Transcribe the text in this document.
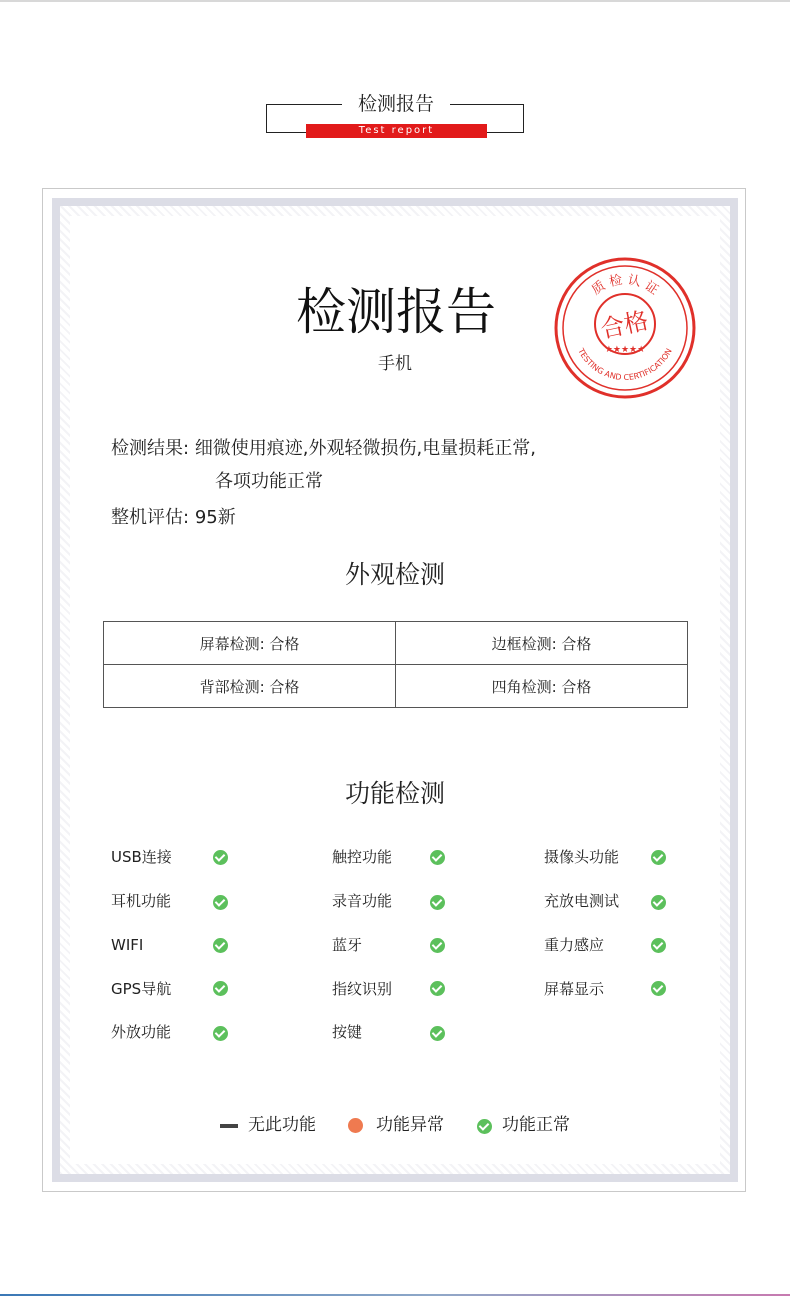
检测报告
Test report
检测报告
手机
质 检 认 证
TESTING AND CERTIFICATION
合格
★★★★★
检测结果: 细微使用痕迹,外观轻微损伤,电量损耗正常,
各项功能正常
整机评估: 95新
外观检测
屏幕检测: 合格	边框检测: 合格

背部检测: 合格	四角检测: 合格
功能检测
USB连接	触控功能	摄像头功能
耳机功能	录音功能	充放电测试
WIFI	蓝牙	重力感应
GPS导航	指纹识别	屏幕显示
外放功能	按键
无此功能	功能异常	功能正常
